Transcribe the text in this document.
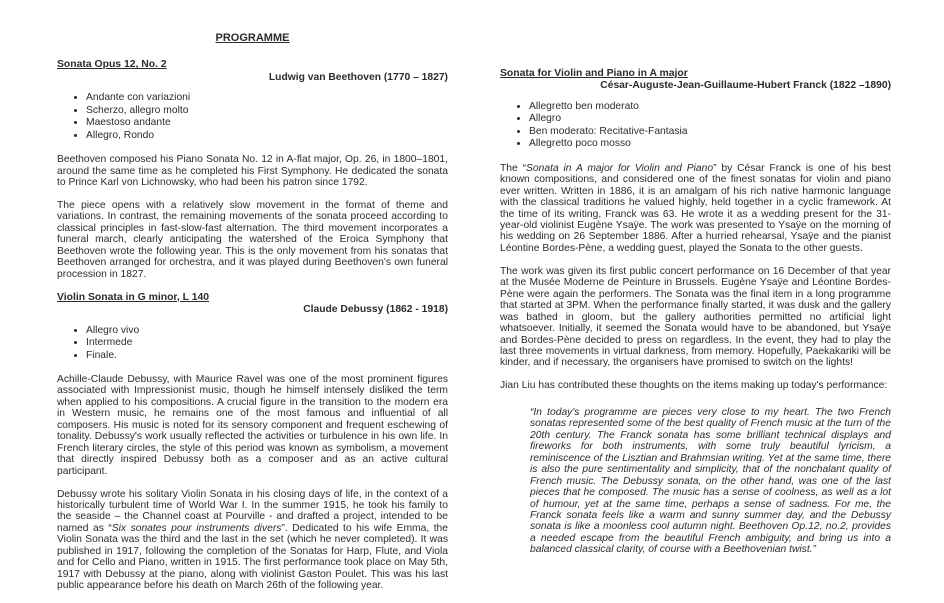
PROGRAMME
Sonata Opus 12, No. 2
Ludwig van Beethoven (1770 – 1827)
• Andante con variazioni
• Scherzo, allegro molto
• Maestoso andante
• Allegro, Rondo

Beethoven composed his Piano Sonata No. 12 in A-flat major, Op. 26, in 1800–1801, around the same time as he completed his First Symphony. He dedicated the sonata to Prince Karl von Lichnowsky, who had been his patron since 1792.

The piece opens with a relatively slow movement in the format of theme and variations. In contrast, the remaining movements of the sonata proceed according to classical principles in fast-slow-fast alternation. The third movement incorporates a funeral march, clearly anticipating the watershed of the Eroica Symphony that Beethoven wrote the following year. This is the only movement from his sonatas that Beethoven arranged for orchestra, and it was played during Beethoven's own funeral procession in 1827.

Violin Sonata in G minor, L 140
Claude Debussy (1862 - 1918)
• Allegro vivo
• Intermede
• Finale.

Achille-Claude Debussy, with Maurice Ravel was one of the most prominent figures associated with Impressionist music, though he himself intensely disliked the term when applied to his compositions. A crucial figure in the transition to the modern era in Western music, he remains one of the most famous and influential of all composers. His music is noted for its sensory component and frequent eschewing of tonality. Debussy's work usually reflected the activities or turbulence in his own life. In French literary circles, the style of this period was known as symbolism, a movement that directly inspired Debussy both as a composer and as an active cultural participant.

Debussy wrote his solitary Violin Sonata in his closing days of life, in the context of a historically turbulent time of World War I. In the summer 1915, he took his family to the seaside – the Channel coast at Pourville - and drafted a project, intended to be named as “Six sonates pour instruments divers”. Dedicated to his wife Emma, the Violin Sonata was the third and the last in the set (which he never completed). It was published in 1917, following the completion of the Sonatas for Harp, Flute, and Viola and for Cello and Piano, written in 1915. The first performance took place on May 5th, 1917 with Debussy at the piano, along with violinist Gaston Poulet. This was his last public appearance before his death on March 26th of the following year.

Sonata for Violin and Piano in A major
César-Auguste-Jean-Guillaume-Hubert Franck (1822 –1890)
• Allegretto ben moderato
• Allegro
• Ben moderato: Recitative-Fantasia
• Allegretto poco mosso

The “Sonata in A major for Violin and Piano” by César Franck is one of his best known compositions, and considered one of the finest sonatas for violin and piano ever written. Written in 1886, it is an amalgam of his rich native harmonic language with the classical traditions he valued highly, held together in a cyclic framework. At the time of its writing, Franck was 63. He wrote it as a wedding present for the 31-year-old violinist Eugène Ysaÿe. The work was presented to Ysaÿe on the morning of his wedding on 26 September 1886. After a hurried rehearsal, Ysaÿe and the pianist Léontine Bordes-Pène, a wedding guest, played the Sonata to the other guests.

The work was given its first public concert performance on 16 December of that year at the Musée Moderne de Peinture in Brussels. Eugène Ysaÿe and Léontine Bordes-Pène were again the performers. The Sonata was the final item in a long programme that started at 3PM. When the performance finally started, it was dusk and the gallery was bathed in gloom, but the gallery authorities permitted no artificial light whatsoever. Initially, it seemed the Sonata would have to be abandoned, but Ysaÿe and Bordes-Pène decided to press on regardless. In the event, they had to play the last three movements in virtual darkness, from memory. Hopefully, Paekakariki will be kinder, and if necessary, the organisers have promised to switch on the lights!

Jian Liu has contributed these thoughts on the items making up today's performance:

“In today's programme are pieces very close to my heart. The two French sonatas represented some of the best quality of French music at the turn of the 20th century. The Franck sonata has some brilliant technical displays and fireworks for both instruments, with some truly beautiful lyricism, a reminiscence of the Lisztian and Brahmsian writing. Yet at the same time, there is also the pure sentimentality and simplicity, that of the nonchalant quality of French music. The Debussy sonata, on the other hand, was one of the last pieces that he composed. The music has a sense of coolness, as well as a lot of humour, yet at the same time, perhaps a sense of sadness. For me, the Franck sonata feels like a warm and sunny summer day, and the Debussy sonata is like a moonless cool autumn night. Beethoven Op.12, no.2, provides a needed escape from the beautiful French ambiguity, and bring us into a balanced classical clarity, of course with a Beethovenian twist.”
